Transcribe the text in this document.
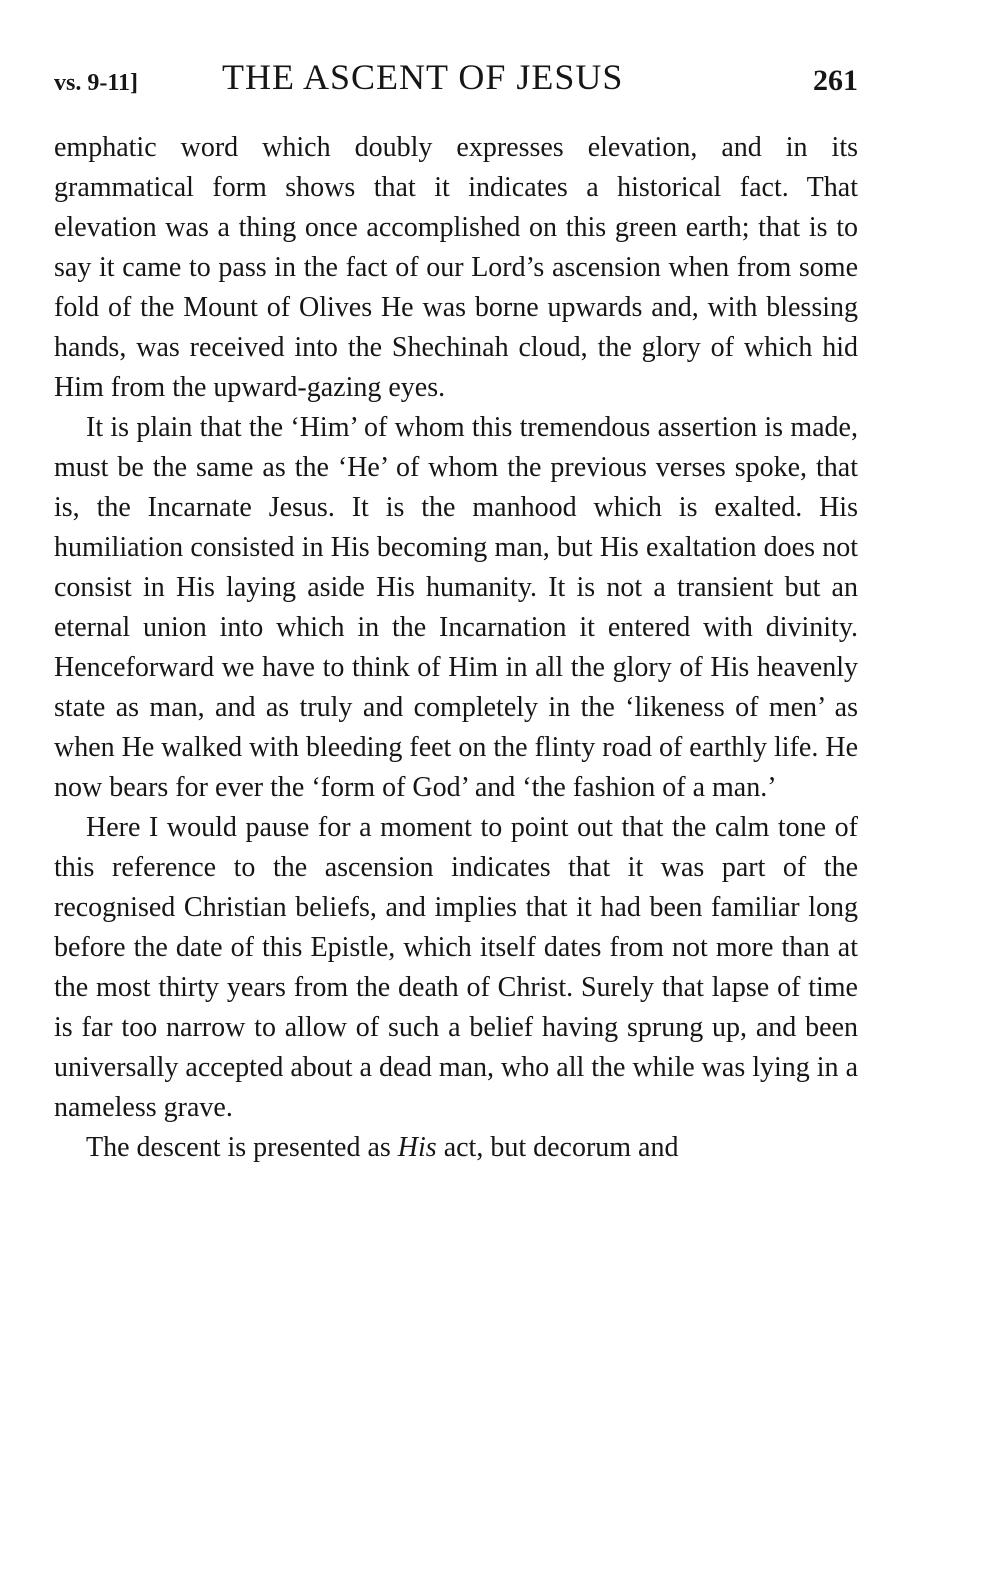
vs. 9-11] THE ASCENT OF JESUS	261

emphatic word which doubly expresses elevation, and in its grammatical form shows that it indicates a historical fact. That elevation was a thing once accomplished on this green earth; that is to say it came to pass in the fact of our Lord’s ascension when from some fold of the Mount of Olives He was borne upwards and, with blessing hands, was received into the Shechinah cloud, the glory of which hid Him from the upward-gazing eyes.

It is plain that the ‘Him’ of whom this tremendous assertion is made, must be the same as the ‘He’ of whom the previous verses spoke, that is, the Incarnate Jesus. It is the manhood which is exalted. His humiliation consisted in His becoming man, but His exaltation does not consist in His laying aside His humanity. It is not a transient but an eternal union into which in the Incarnation it entered with divinity. Henceforward we have to think of Him in all the glory of His heavenly state as man, and as truly and completely in the ‘likeness of men’ as when He walked with bleeding feet on the flinty road of earthly life. He now bears for ever the ‘form of God’ and ‘the fashion of a man.’

Here I would pause for a moment to point out that the calm tone of this reference to the ascension indicates that it was part of the recognised Christian beliefs, and implies that it had been familiar long before the date of this Epistle, which itself dates from not more than at the most thirty years from the death of Christ. Surely that lapse of time is far too narrow to allow of such a belief having sprung up, and been universally accepted about a dead man, who all the while was lying in a nameless grave.

The descent is presented as His act, but decorum and
